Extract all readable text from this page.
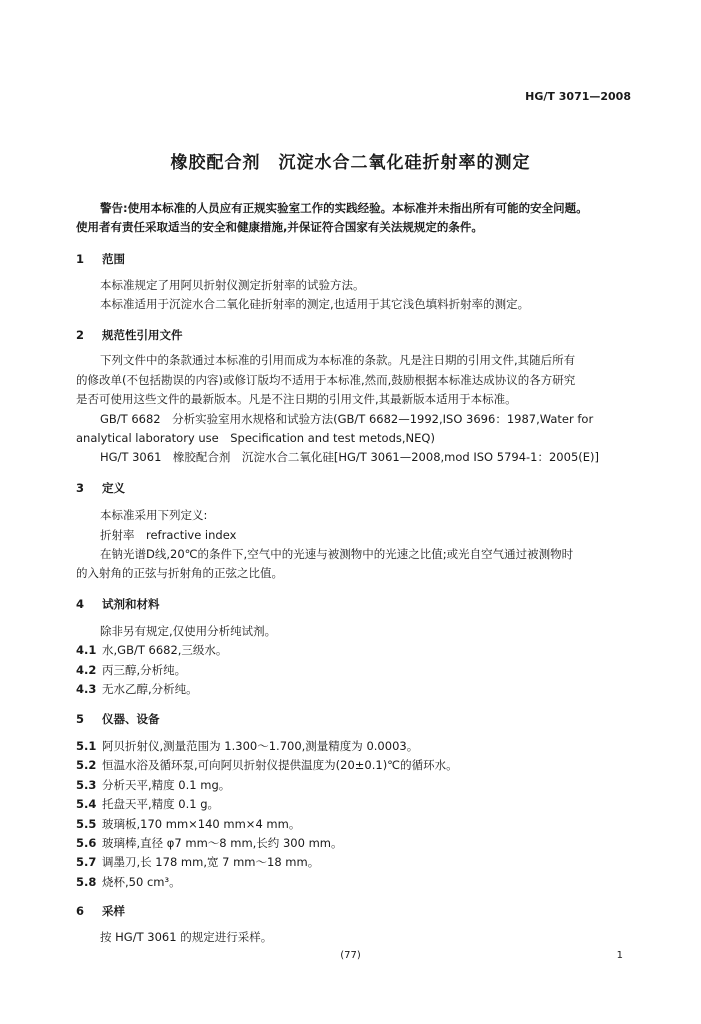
HG/T 3071—2008
橡胶配合剂　沉淀水合二氧化硅折射率的测定
警告:使用本标准的人员应有正规实验室工作的实践经验。本标准并未指出所有可能的安全问题。
使用者有责任采取适当的安全和健康措施,并保证符合国家有关法规规定的条件。
1 范围
本标准规定了用阿贝折射仪测定折射率的试验方法。
本标准适用于沉淀水合二氧化硅折射率的测定,也适用于其它浅色填料折射率的测定。
2 规范性引用文件
下列文件中的条款通过本标准的引用而成为本标准的条款。凡是注日期的引用文件,其随后所有
的修改单(不包括勘误的内容)或修订版均不适用于本标准,然而,鼓励根据本标准达成协议的各方研究
是否可使用这些文件的最新版本。凡是不注日期的引用文件,其最新版本适用于本标准。
GB/T 6682　分析实验室用水规格和试验方法(GB/T 6682—1992,ISO 3696：1987,Water for
analytical laboratory use　Specification and test metods,NEQ)
HG/T 3061　橡胶配合剂　沉淀水合二氧化硅[HG/T 3061—2008,mod ISO 5794-1：2005(E)]
3 定义
本标准采用下列定义:
折射率　refractive index
在钠光谱D线,20℃的条件下,空气中的光速与被测物中的光速之比值;或光自空气通过被测物时
的入射角的正弦与折射角的正弦之比值。
4 试剂和材料
除非另有规定,仅使用分析纯试剂。
4.1 水,GB/T 6682,三级水。
4.2 丙三醇,分析纯。
4.3 无水乙醇,分析纯。
5 仪器、设备
5.1 阿贝折射仪,测量范围为 1.300～1.700,测量精度为 0.0003。
5.2 恒温水浴及循环泵,可向阿贝折射仪提供温度为(20±0.1)℃的循环水。
5.3 分析天平,精度 0.1 mg。
5.4 托盘天平,精度 0.1 g。
5.5 玻璃板,170 mm×140 mm×4 mm。
5.6 玻璃棒,直径 φ7 mm～8 mm,长约 300 mm。
5.7 调墨刀,长 178 mm,宽 7 mm～18 mm。
5.8 烧杯,50 cm³。
6 采样
按 HG/T 3061 的规定进行采样。
(77)	1
